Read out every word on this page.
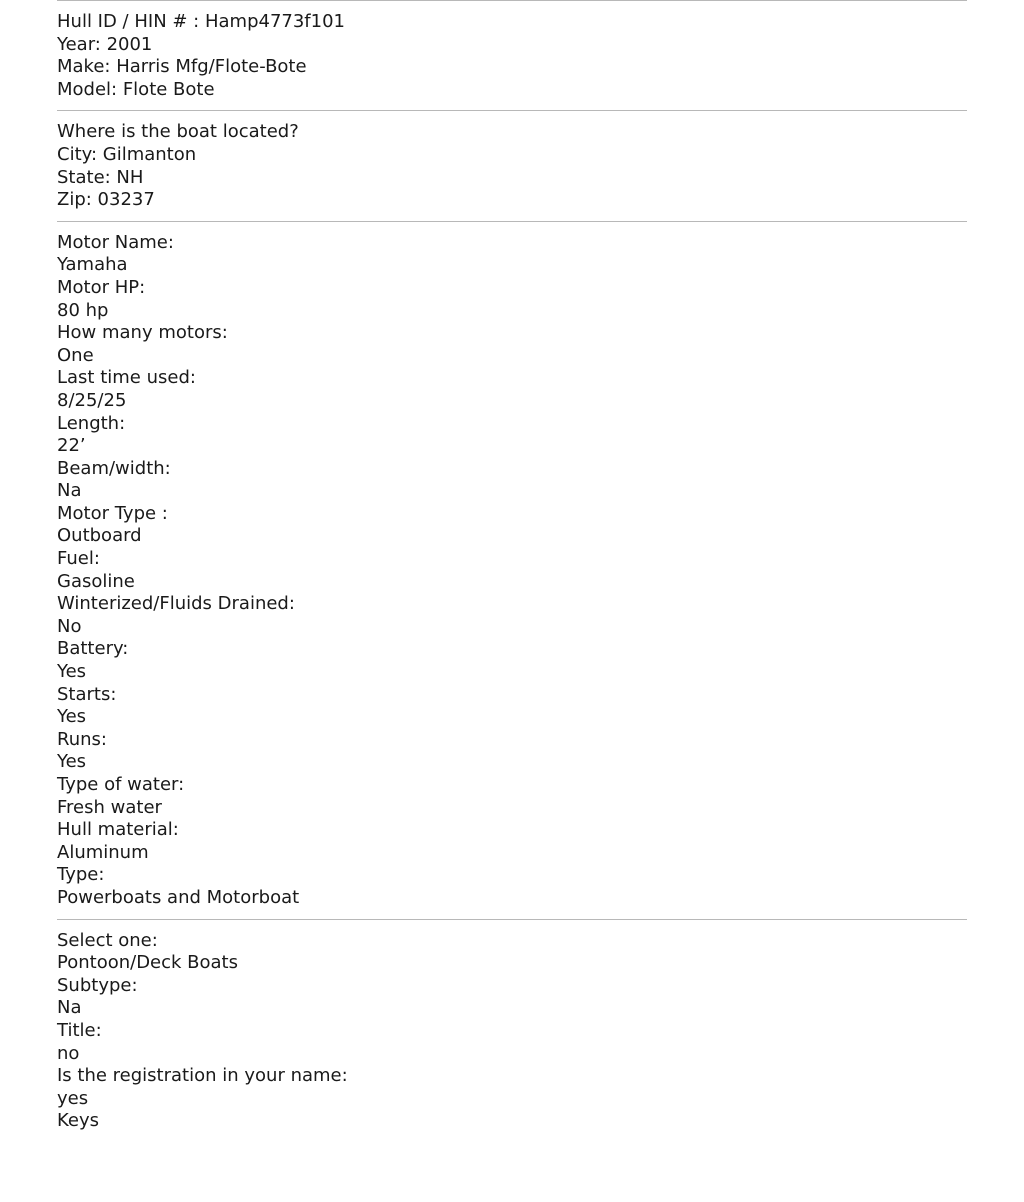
Hull ID / HIN # : Hamp4773f101
Year: 2001
Make: Harris Mfg/Flote-Bote
Model: Flote Bote
Where is the boat located?
City: Gilmanton
State: NH
Zip: 03237
Motor Name:
Yamaha
Motor HP:
80 hp
How many motors:
One
Last time used:
8/25/25
Length:
22’
Beam/width:
Na
Motor Type :
Outboard
Fuel:
Gasoline
Winterized/Fluids Drained:
No
Battery:
Yes
Starts:
Yes
Runs:
Yes
Type of water:
Fresh water
Hull material:
Aluminum
Type:
Powerboats and Motorboat
Select one:
Pontoon/Deck Boats
Subtype:
Na
Title:
no
Is the registration in your name:
yes
Keys
